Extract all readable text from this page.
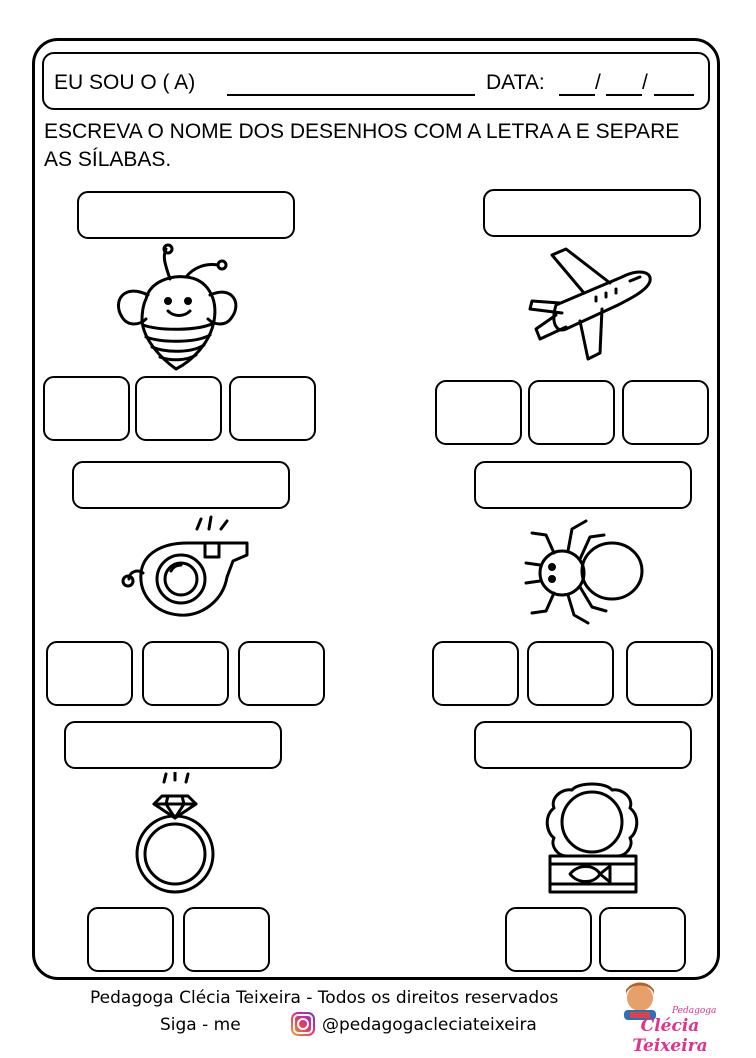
EU SOU O ( A)	DATA: / /
ESCREVA O NOME DOS DESENHOS COM A LETRA A E SEPARE AS SÍLABAS.
Pedagoga Clécia Teixeira - Todos os direitos reservados
Siga - me	@pedagogacleciateixeira
Pedagoga
Clécia Teixeira
